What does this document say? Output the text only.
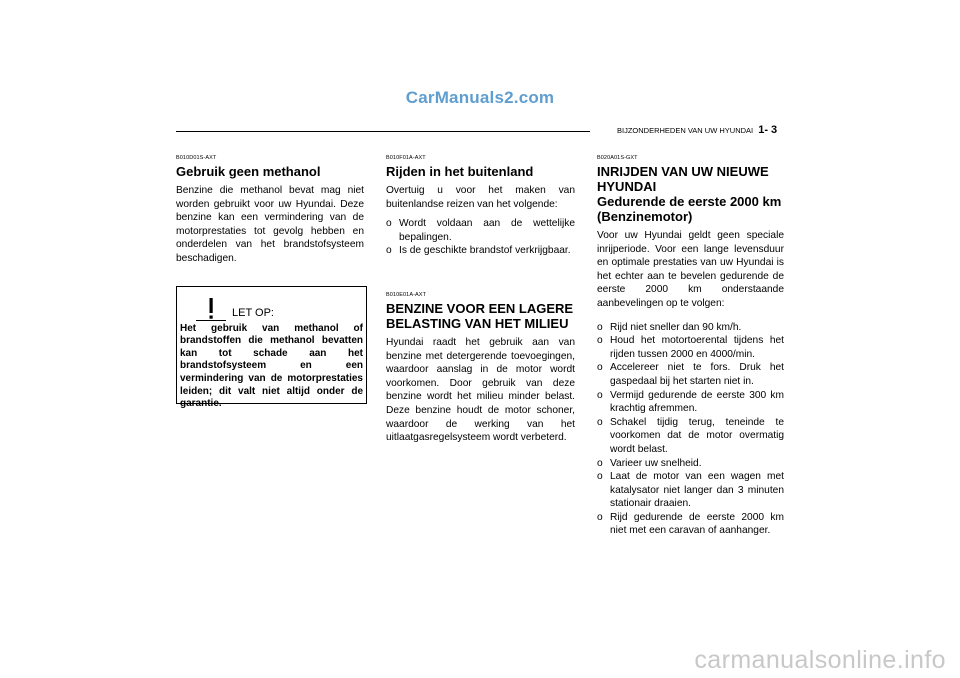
CarManuals2.com
BIJZONDERHEDEN VAN UW HYUNDAI 1- 3
B010D01S-AXT
Gebruik geen methanol

Benzine die methanol bevat mag niet worden gebruikt voor uw Hyundai. Deze benzine kan een vermindering van de motorprestaties tot gevolg hebben en onderdelen van het brandstofsysteem beschadigen.

LET OP:
Het gebruik van methanol of brandstoffen die methanol bevatten kan tot schade aan het brandstofsysteem en een vermindering van de motorprestaties leiden; dit valt niet altijd onder de garantie.
B010F01A-AXT
Rijden in het buitenland

Overtuig u voor het maken van buitenlandse reizen van het volgende:

o Wordt voldaan aan de wettelijke bepalingen.
o Is de geschikte brandstof verkrijgbaar.
B010E01A-AXT
BENZINE VOOR EEN LAGERE BELASTING VAN HET MILIEU

Hyundai raadt het gebruik aan van benzine met detergerende toevoegingen, waardoor aanslag in de motor wordt voorkomen. Door gebruik van deze benzine wordt het milieu minder belast. Deze benzine houdt de motor schoner, waardoor de werking van het uitlaatgasregelsysteem wordt verbeterd.

B020A01S-GXT
INRIJDEN VAN UW NIEUWE HYUNDAI
Gedurende de eerste 2000 km (Benzinemotor)

Voor uw Hyundai geldt geen speciale inrijperiode. Voor een lange levensduur en optimale prestaties van uw Hyundai is het echter aan te bevelen gedurende de eerste 2000 km onderstaande aanbevelingen op te volgen:

o Rijd niet sneller dan 90 km/h.
o Houd het motortoerental tijdens het rijden tussen 2000 en 4000/min.
o Accelereer niet te fors. Druk het gaspedaal bij het starten niet in.
o Vermijd gedurende de eerste 300 km krachtig afremmen.
o Schakel tijdig terug, teneinde te voorkomen dat de motor overmatig wordt belast.
o Varieer uw snelheid.
o Laat de motor van een wagen met katalysator niet langer dan 3 minuten stationair draaien.
o Rijd gedurende de eerste 2000 km niet met een caravan of aanhanger.
carmanualsonline.info
